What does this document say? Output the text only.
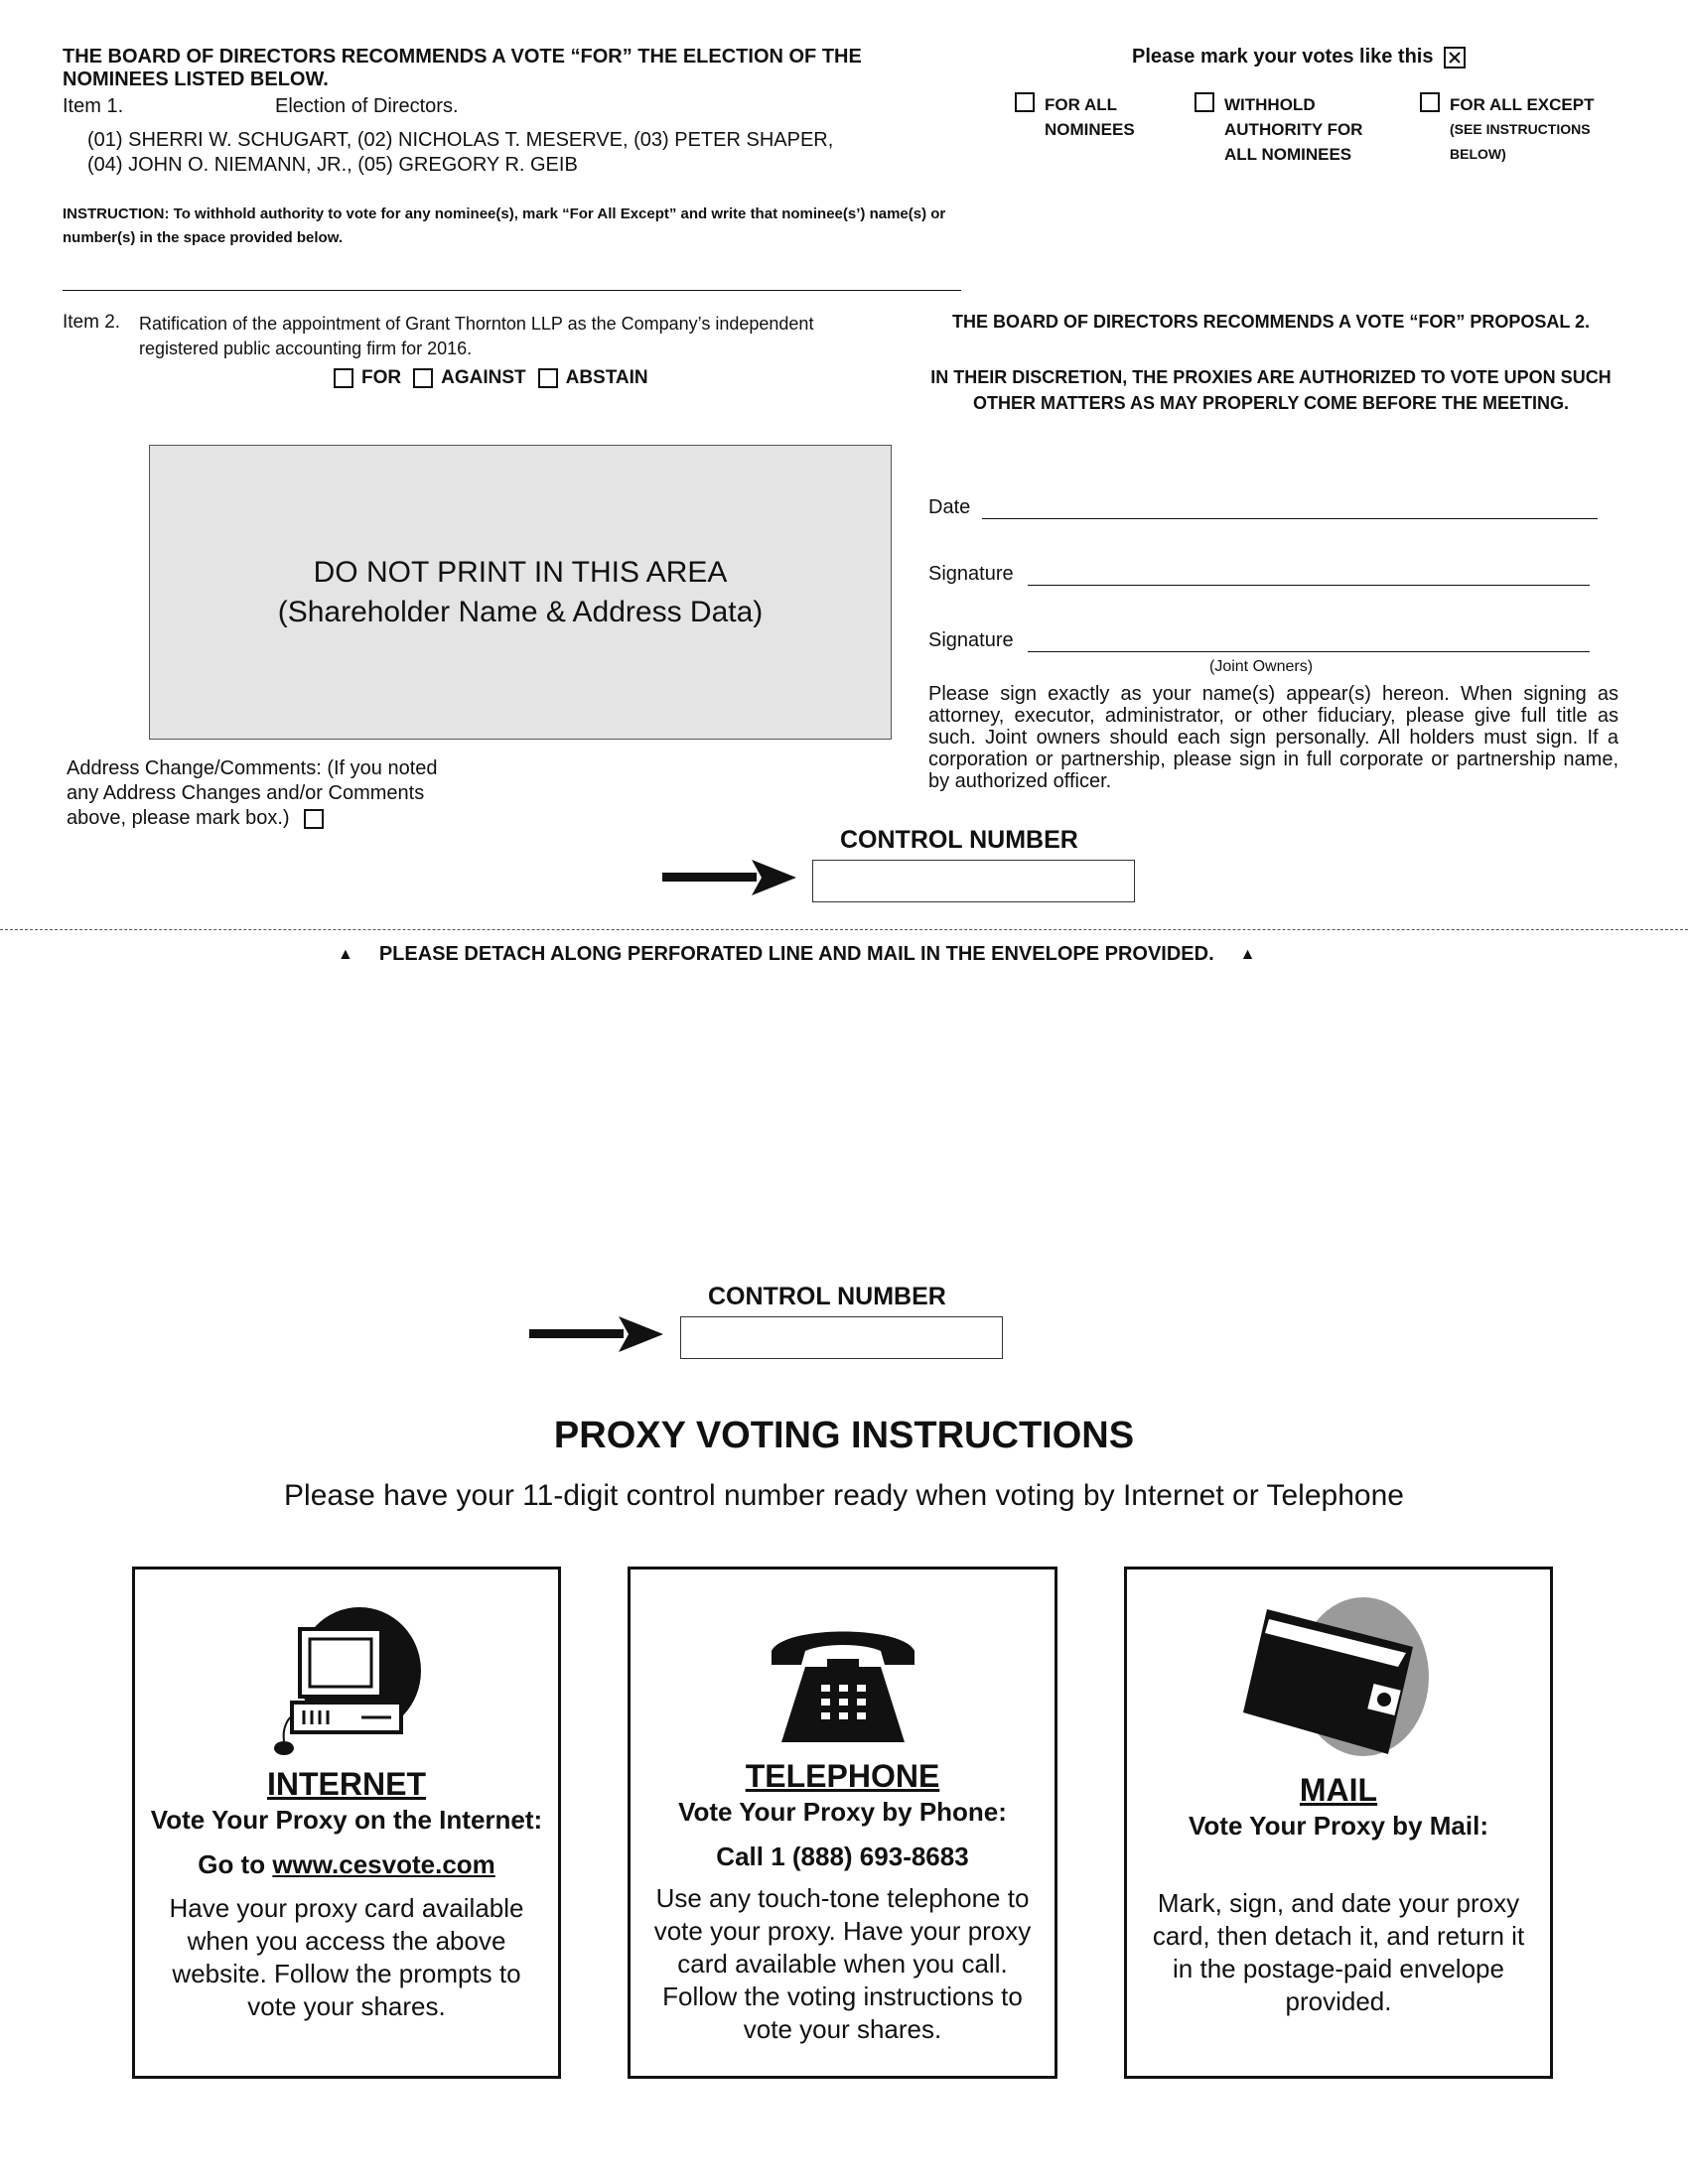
THE BOARD OF DIRECTORS RECOMMENDS A VOTE “FOR” THE ELECTION OF THE NOMINEES LISTED BELOW.
Please mark your votes like this
Item 1.	Election of Directors.
(01) SHERRI W. SCHUGART, (02) NICHOLAS T. MESERVE, (03) PETER SHAPER,
(04) JOHN O. NIEMANN, JR., (05) GREGORY R. GEIB
FOR ALL
NOMINEES
WITHHOLD
AUTHORITY FOR
ALL NOMINEES
FOR ALL EXCEPT
(SEE INSTRUCTIONS
BELOW)
INSTRUCTION: To withhold authority to vote for any nominee(s), mark “For All Except” and write that nominee(s’) name(s) or number(s) in the space provided below.
Item 2. Ratification of the appointment of Grant Thornton LLP as the Company’s independent
registered public accounting firm for 2016.
FOR AGAINST ABSTAIN
THE BOARD OF DIRECTORS RECOMMENDS A VOTE “FOR” PROPOSAL 2.
IN THEIR DISCRETION, THE PROXIES ARE AUTHORIZED TO VOTE UPON SUCH
OTHER MATTERS AS MAY PROPERLY COME BEFORE THE MEETING.
DO NOT PRINT IN THIS AREA
(Shareholder Name & Address Data)
Date
Signature
Signature
(Joint Owners)
Please sign exactly as your name(s) appear(s) hereon. When signing as attorney, executor, administrator, or other fiduciary, please give full title as such. Joint owners should each sign personally. All holders must sign. If a corporation or partnership, please sign in full corporate or partnership name, by authorized officer.
Address Change/Comments: (If you noted
any Address Changes and/or Comments
above, please mark box.)
CONTROL NUMBER
▲ PLEASE DETACH ALONG PERFORATED LINE AND MAIL IN THE ENVELOPE PROVIDED. ▲
CONTROL NUMBER
PROXY VOTING INSTRUCTIONS
Please have your 11-digit control number ready when voting by Internet or Telephone
INTERNET
Vote Your Proxy on the Internet:
Go to www.cesvote.com
Have your proxy card available when you access the above website. Follow the prompts to vote your shares.
TELEPHONE
Vote Your Proxy by Phone:
Call 1 (888) 693-8683
Use any touch-tone telephone to vote your proxy. Have your proxy card available when you call. Follow the voting instructions to vote your shares.
MAIL
Vote Your Proxy by Mail:
Mark, sign, and date your proxy card, then detach it, and return it in the postage-paid envelope provided.
